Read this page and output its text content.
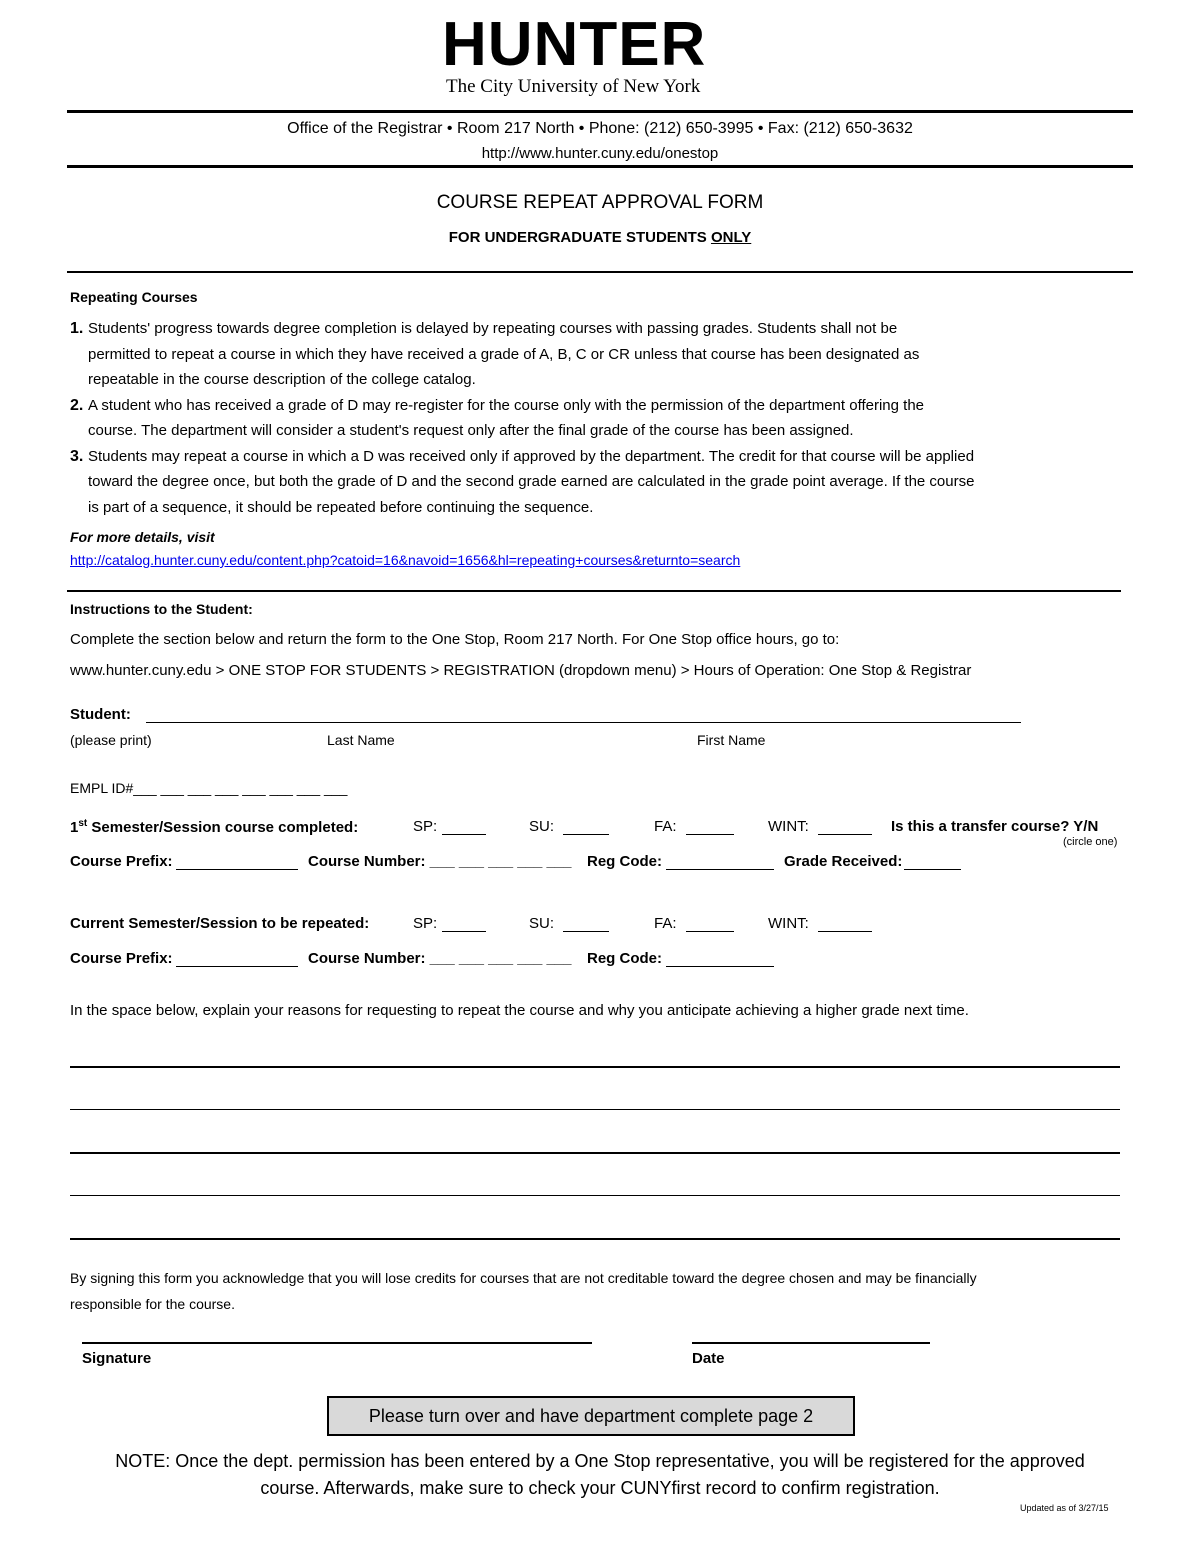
HUNTER
The City University of New York
Office of the Registrar • Room 217 North • Phone: (212) 650-3995 • Fax: (212) 650-3632
http://www.hunter.cuny.edu/onestop
COURSE REPEAT APPROVAL FORM
FOR UNDERGRADUATE STUDENTS ONLY
Repeating Courses
1. Students' progress towards degree completion is delayed by repeating courses with passing grades. Students shall not be
permitted to repeat a course in which they have received a grade of A, B, C or CR unless that course has been designated as
repeatable in the course description of the college catalog.
2. A student who has received a grade of D may re-register for the course only with the permission of the department offering the
course. The department will consider a student's request only after the final grade of the course has been assigned.
3. Students may repeat a course in which a D was received only if approved by the department. The credit for that course will be applied
toward the degree once, but both the grade of D and the second grade earned are calculated in the grade point average. If the course
is part of a sequence, it should be repeated before continuing the sequence.
For more details, visit
http://catalog.hunter.cuny.edu/content.php?catoid=16&navoid=1656&hl=repeating+courses&returnto=search
Instructions to the Student:
Complete the section below and return the form to the One Stop, Room 217 North. For One Stop office hours, go to:
www.hunter.cuny.edu > ONE STOP FOR STUDENTS > REGISTRATION (dropdown menu) > Hours of Operation: One Stop & Registrar
Student:
(please print)	Last Name	First Name
EMPL ID#___ ___ ___ ___ ___ ___ ___ ___
1st Semester/Session course completed:	SP:	SU:	FA:	WINT:	Is this a transfer course? Y/N
(circle one)
Course Prefix:	Course Number: ___ ___ ___ ___ ___ Reg Code:	Grade Received:
Current Semester/Session to be repeated:	SP:	SU:	FA:	WINT:
Course Prefix:	Course Number: ___ ___ ___ ___ ___ Reg Code:
In the space below, explain your reasons for requesting to repeat the course and why you anticipate achieving a higher grade next time.
By signing this form you acknowledge that you will lose credits for courses that are not creditable toward the degree chosen and may be financially
responsible for the course.
Signature	Date
Please turn over and have department complete page 2
NOTE: Once the dept. permission has been entered by a One Stop representative, you will be registered for the approved
course. Afterwards, make sure to check your CUNYfirst record to confirm registration.
Updated as of 3/27/15
